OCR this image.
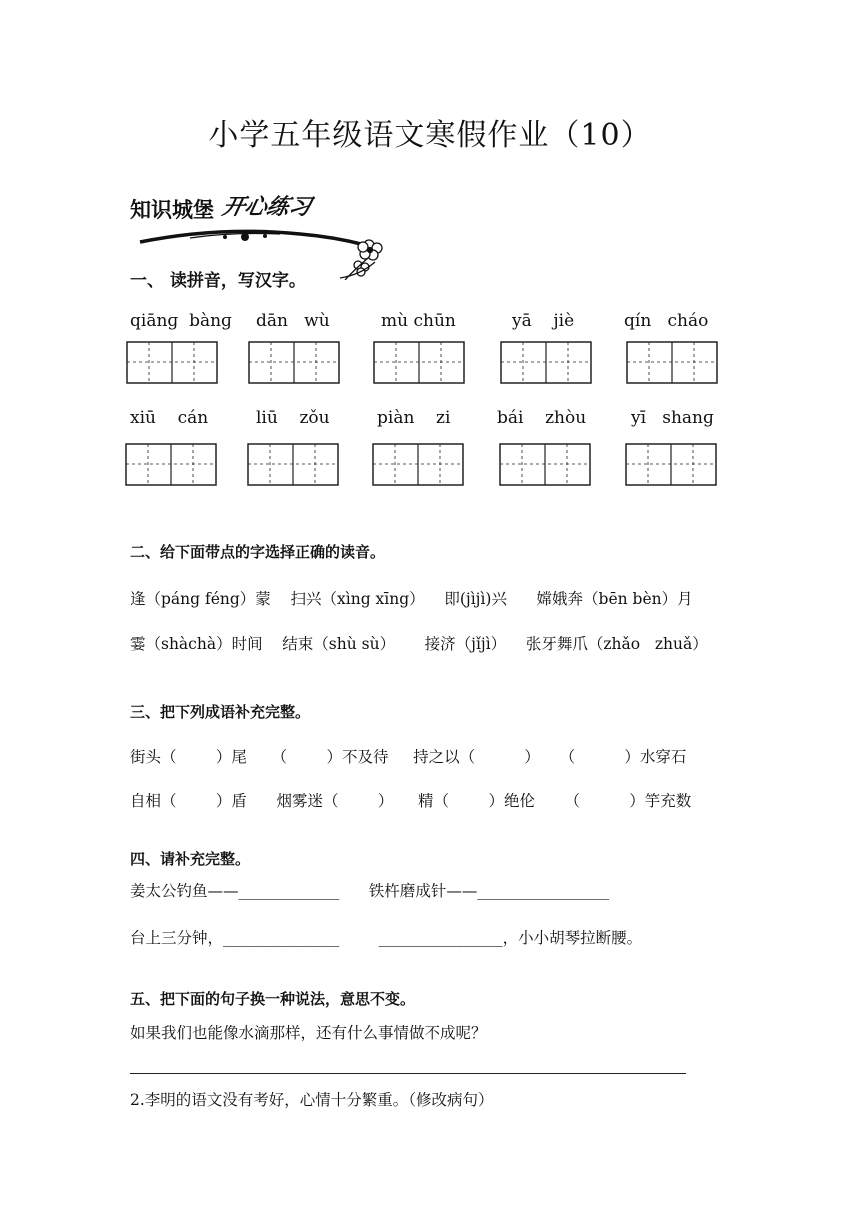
小学五年级语文寒假作业（10）
知识城堡 开心练习
一、 读拼音，写汉字。
qiānɡ  bànɡ dān   wù	mù chūn	yā    jiè	qín   cháo
xiū    cán	liū    zǒu	piàn    zi	bái    zhòu	yī   shanɡ
二、给下面带点的字选择正确的读音。
逢（páng féng）蒙    扫兴（xìng xīng）    即(jìjì)兴      嫦娥奔（bēn bèn）月
霎（shàchà）时间    结束（shù sù）      接济（jǐjì）    张牙舞爪（zhǎo   zhuǎ）
三、把下列成语补充完整。
街头（        ）尾     （        ）不及待     持之以（          ）    （          ）水穿石
自相（        ）盾      烟雾迷（        ）     精（        ）绝伦      （          ）竽充数
四、请补充完整。
姜太公钓鱼——_____________      铁杵磨成针——_________________
台上三分钟，_______________        ________________，小小胡琴拉断腰。
五、把下面的句子换一种说法，意思不变。
如果我们也能像水滴那样，还有什么事情做不成呢？
2.李明的语文没有考好，心情十分繁重。（修改病句）
